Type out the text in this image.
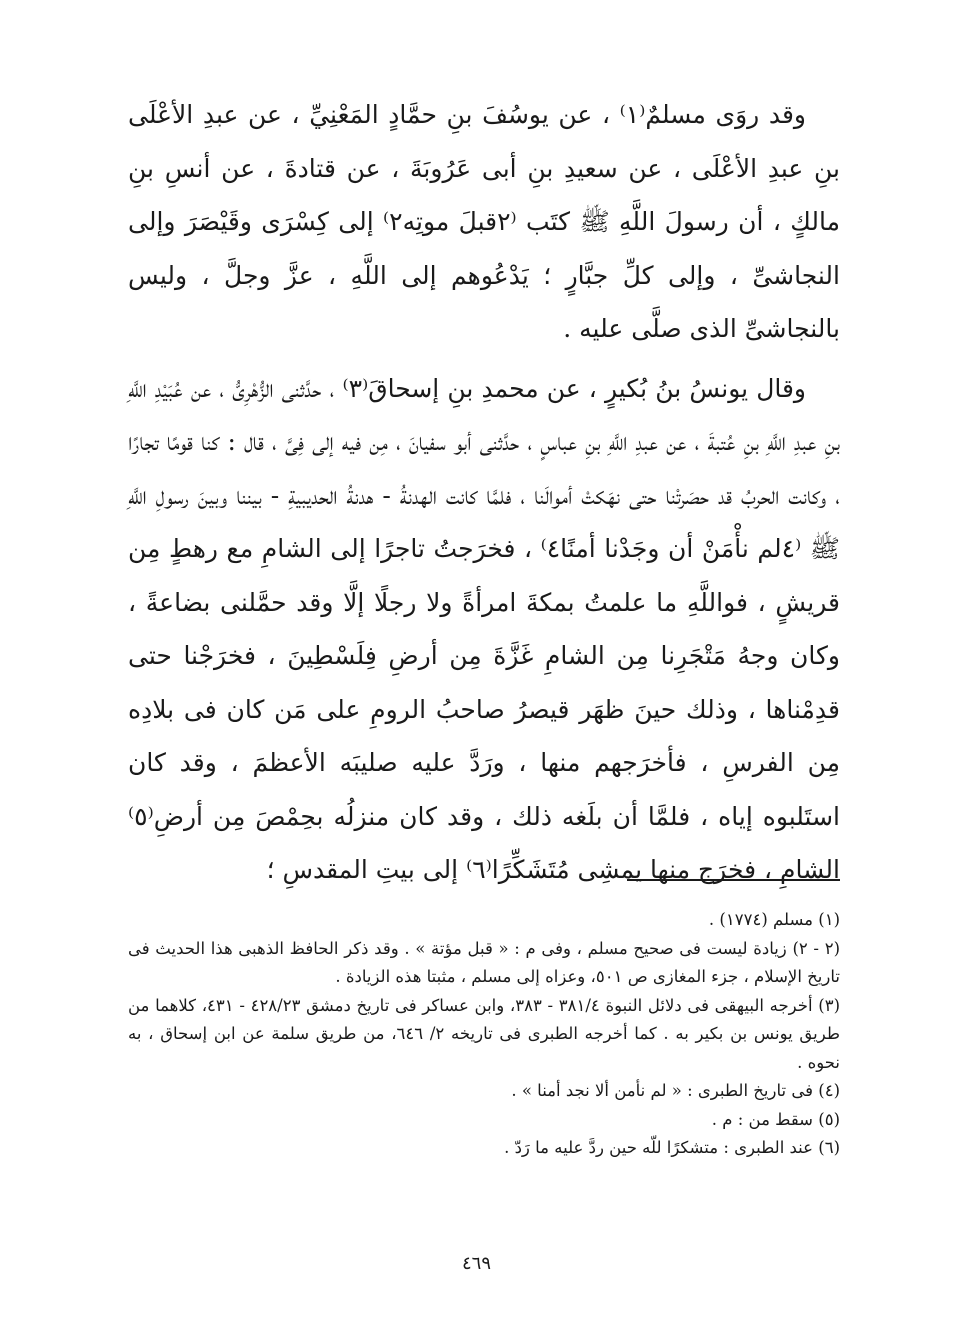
وقد روَى مسلمٌ⁽١⁾ ، عن يوسُفَ بنِ حمَّادٍ المَعْنِيِّ ، عن عبدِ الأعْلَى بنِ عبدِ الأعْلَى ، عن سعيدِ بنِ أبى عَرُوبَةَ ، عن قتادةَ ، عن أنسِ بنِ مالكٍ ، أن رسولَ اللَّهِ ﷺ كتَب ⁽٢قبلَ موتِه٢⁾ إلى كِسْرَى وقَيْصَرَ وإلى النجاشىِّ ، وإلى كلِّ جبَّارٍ ؛ يَدْعُوهم إلى اللَّهِ ، عزَّ وجلَّ ، وليس بالنجاشىِّ الذى صلَّى عليه .

وقال يونسُ بنُ بُكيرٍ ، عن محمدِ بنِ إسحاقَ⁽٣⁾ ، حدَّثنى الزُّهْرِىُّ ، عن عُبَيْدِ اللَّهِ بنِ عبدِ اللَّهِ بنِ عُتبةَ ، عن عبدِ اللَّهِ بنِ عباسٍ ، حدَّثنى أبو سفيانَ ، مِن فيه إلى فِىَّ ، قال : كنا قومًا تجارًا ، وكانت الحربُ قد حصَرتْنا حتى نهَكتْ أموالَنا ، فلمَّا كانت الهدنةُ - هدنةُ الحديبيةِ - بيننا وبينَ رسولِ اللَّهِ ﷺ ⁽٤لم نأْمَنْ أن وجَدْنا أمنًا٤⁾ ، فخرَجتُ تاجرًا إلى الشامِ مع رهطٍ مِن قريشٍ ، فواللَّهِ ما علمتُ بمكةَ امرأةً ولا رجلًا إلَّا وقد حمَّلنى بضاعةً ، وكان وجهُ مَتْجَرِنا مِن الشامِ غَزَّةَ مِن أرضِ فِلَسْطِينَ ، فخرَجْنا حتى قدِمْناها ، وذلك حينَ ظهَر قيصرُ صاحبُ الرومِ على مَن كان فى بلادِه مِن الفرسِ ، فأخرَجهم منها ، ورَدَّ عليه صليبَه الأعظمَ ، وقد كان استَلبوه إياه ، فلمَّا أن بلَغه ذلك ، وقد كان منزلُه بحِمْصَ مِن أرضِ⁽٥⁾ الشامِ ، فخرَج منها يمشِى مُتَشَكِّرًا⁽٦⁾ إلى بيتِ المقدسِ ؛

(١) مسلم (١٧٧٤) .

(٢ - ٢) زيادة ليست فى صحيح مسلم ، وفى م : « قبل مؤتة » . وقد ذكر الحافظ الذهبى هذا الحديث فى تاريخ الإسلام ، جزء المغازى ص ٥٠١، وعزاه إلى مسلم ، مثبتا هذه الزيادة .

(٣) أخرجه البيهقى فى دلائل النبوة ٣٨١/٤ - ٣٨٣، وابن عساكر فى تاريخ دمشق ٤٢٨/٢٣ - ٤٣١، كلاهما من طريق يونس بن بكير به . كما أخرجه الطبرى فى تاريخه ٢/ ٦٤٦، من طريق سلمة عن ابن إسحاق ، به نحوه .

(٤) فى تاريخ الطبرى : « لم نأمن ألا نجد أمنا » .

(٥) سقط من : م .

(٦) عند الطبرى : متشكرًا للّه حين ردَّ عليه ما رَدّ .

٤٦٩
